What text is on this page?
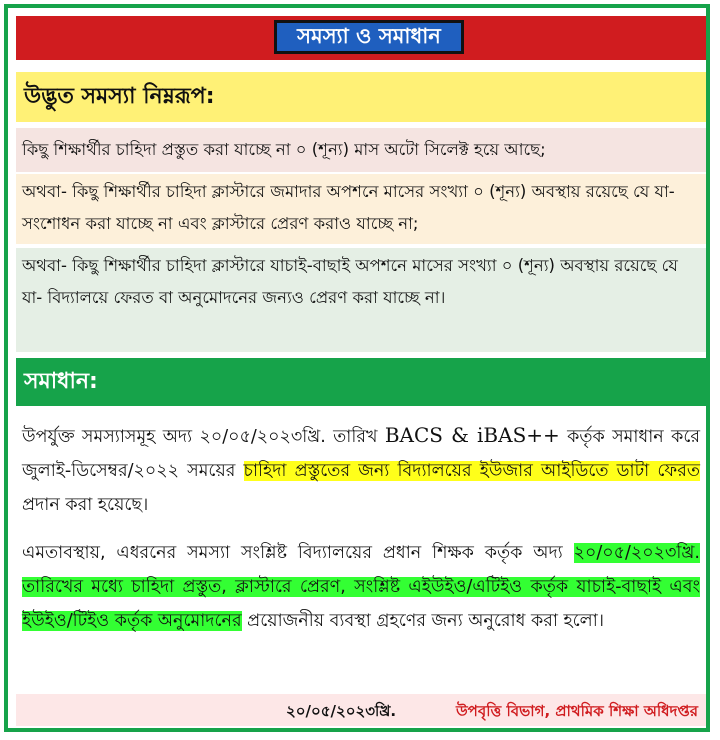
সমস্যা ও সমাধান
উদ্ভুত সমস্যা নিম্নরূপ:
কিছু শিক্ষার্থীর চাহিদা প্রস্তুত করা যাচ্ছে না ০ (শূন্য) মাস অটো সিলেক্ট হয়ে আছে;
অথবা- কিছু শিক্ষার্থীর চাহিদা ক্লাস্টারে জমাদার অপশনে মাসের সংখ্যা ০ (শূন্য) অবস্থায় রয়েছে যে যা- সংশোধন করা যাচ্ছে না এবং ক্লাস্টারে প্রেরণ করাও যাচ্ছে না;
অথবা- কিছু শিক্ষার্থীর চাহিদা ক্লাস্টারে যাচাই-বাছাই অপশনে মাসের সংখ্যা ০ (শূন্য) অবস্থায় রয়েছে যে যা- বিদ্যালয়ে ফেরত বা অনুমোদনের জন্যও প্রেরণ করা যাচ্ছে না।
সমাধান:
উপর্যুক্ত সমস্যাসমূহ অদ্য ২০/০৫/২০২৩খ্রি. তারিখ BACS & iBAS++ কর্তৃক সমাধান করে জুলাই-ডিসেম্বর/২০২২ সময়ের চাহিদা প্রস্তুতের জন্য বিদ্যালয়ের ইউজার আইডিতে ডাটা ফেরত প্রদান করা হয়েছে।
এমতাবস্থায়, এধরনের সমস্যা সংশ্লিষ্ট বিদ্যালয়ের প্রধান শিক্ষক কর্তৃক অদ্য ২০/০৫/২০২৩খ্রি. তারিখের মধ্যে চাহিদা প্রস্তুত, ক্লাস্টারে প্রেরণ, সংশ্লিষ্ট এইউইও/এটিইও কর্তৃক যাচাই-বাছাই এবং ইউইও/টিইও কর্তৃক অনুমোদনের প্রয়োজনীয় ব্যবস্থা গ্রহণের জন্য অনুরোধ করা হলো।
২০/০৫/২০২৩খ্রি.	উপবৃত্তি বিভাগ, প্রাথমিক শিক্ষা অধিদপ্তর
